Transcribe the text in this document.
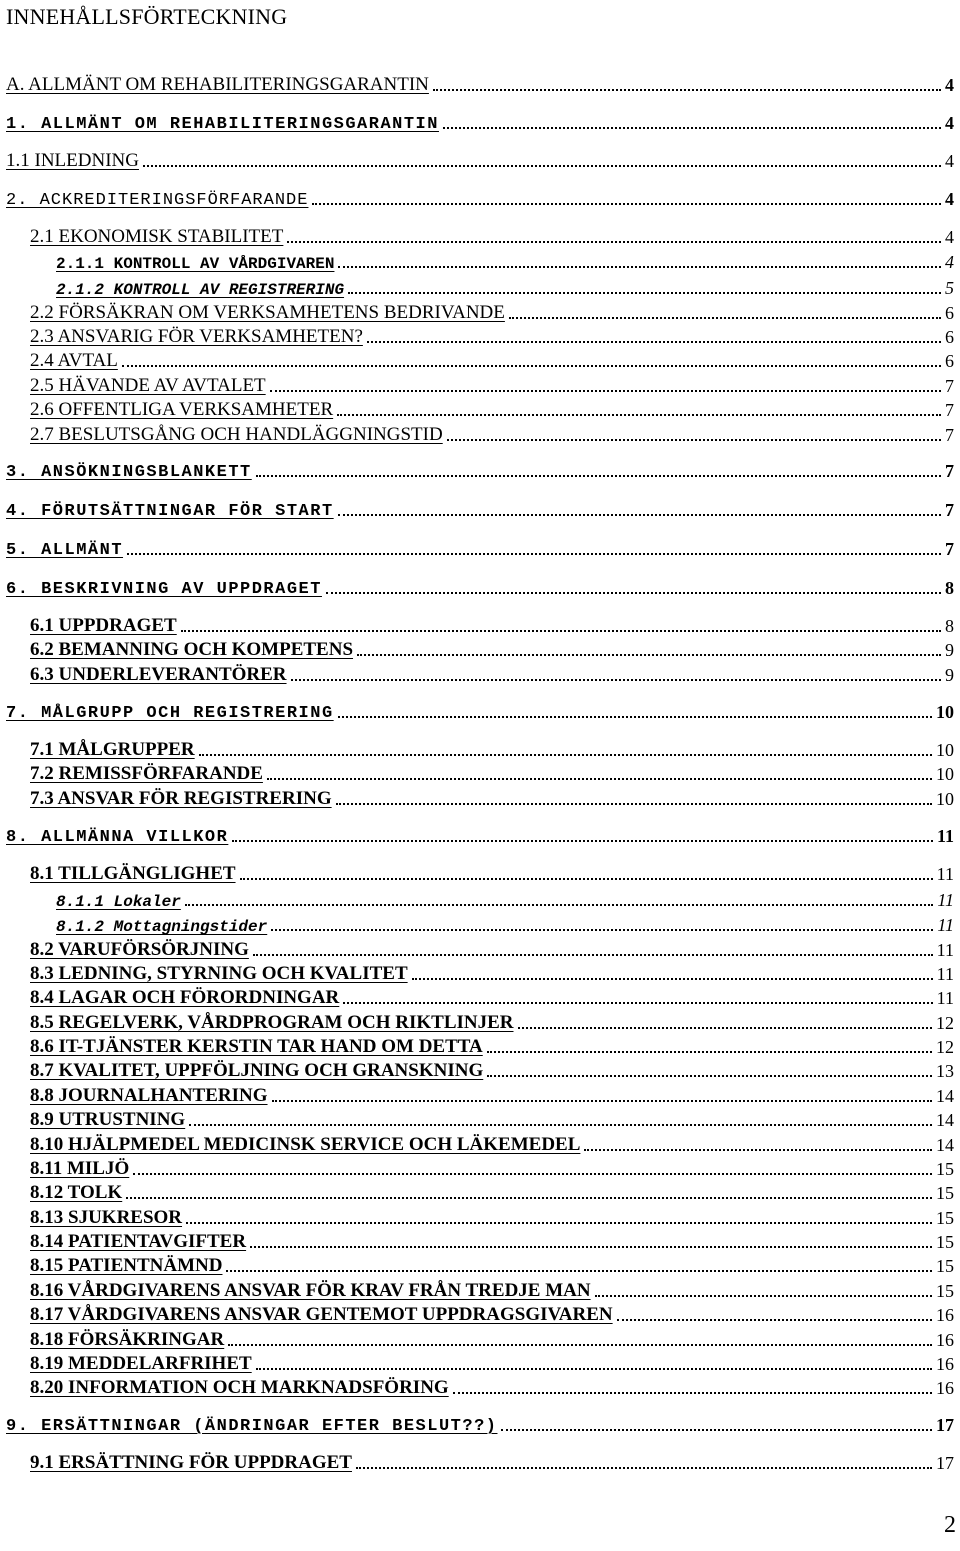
INNEHÅLLSFÖRTECKNING
A. ALLMÄNT OM REHABILITERINGSGARANTIN	4
1. ALLMÄNT OM REHABILITERINGSGARANTIN	4
1.1 INLEDNING	4
2. ACKREDITERINGSFÖRFARANDE	4
2.1 EKONOMISK STABILITET	4
2.1.1 KONTROLL AV VÅRDGIVAREN	4
2.1.2 KONTROLL AV REGISTRERING	5
2.2 FÖRSÄKRAN OM VERKSAMHETENS BEDRIVANDE	6
2.3 ANSVARIG FÖR VERKSAMHETEN?	6
2.4 AVTAL	6
2.5 HÄVANDE AV AVTALET	7
2.6 OFFENTLIGA VERKSAMHETER	7
2.7 BESLUTSGÅNG OCH HANDLÄGGNINGSTID	7
3. ANSÖKNINGSBLANKETT	7
4. FÖRUTSÄTTNINGAR FÖR START	7
5. ALLMÄNT	7
6. BESKRIVNING AV UPPDRAGET	8
6.1 UPPDRAGET	8
6.2 BEMANNING OCH KOMPETENS	9
6.3 UNDERLEVERANTÖRER	9
7. MÅLGRUPP OCH REGISTRERING	10
7.1 MÅLGRUPPER	10
7.2 REMISSFÖRFARANDE	10
7.3 ANSVAR FÖR REGISTRERING	10
8. ALLMÄNNA VILLKOR	11
8.1 TILLGÄNGLIGHET	11
8.1.1 Lokaler	11
8.1.2 Mottagningstider	11
8.2 VARUFÖRSÖRJNING	11
8.3 LEDNING, STYRNING OCH KVALITET	11
8.4 LAGAR OCH FÖRORDNINGAR	11
8.5 REGELVERK, VÅRDPROGRAM OCH RIKTLINJER	12
8.6 IT-TJÄNSTER KERSTIN TAR HAND OM DETTA	12
8.7 KVALITET, UPPFÖLJNING OCH GRANSKNING	13
8.8 JOURNALHANTERING	14
8.9 UTRUSTNING	14
8.10 HJÄLPMEDEL MEDICINSK SERVICE OCH LÄKEMEDEL	14
8.11 MILJÖ	15
8.12 TOLK	15
8.13 SJUKRESOR	15
8.14 PATIENTAVGIFTER	15
8.15 PATIENTNÄMND	15
8.16 VÅRDGIVARENS ANSVAR FÖR KRAV FRÅN TREDJE MAN	15
8.17 VÅRDGIVARENS ANSVAR GENTEMOT UPPDRAGSGIVAREN	16
8.18 FÖRSÄKRINGAR	16
8.19 MEDDELARFRIHET	16
8.20 INFORMATION OCH MARKNADSFÖRING	16
9. ERSÄTTNINGAR (ÄNDRINGAR EFTER BESLUT??)	17
9.1 ERSÄTTNING FÖR UPPDRAGET	17
2
